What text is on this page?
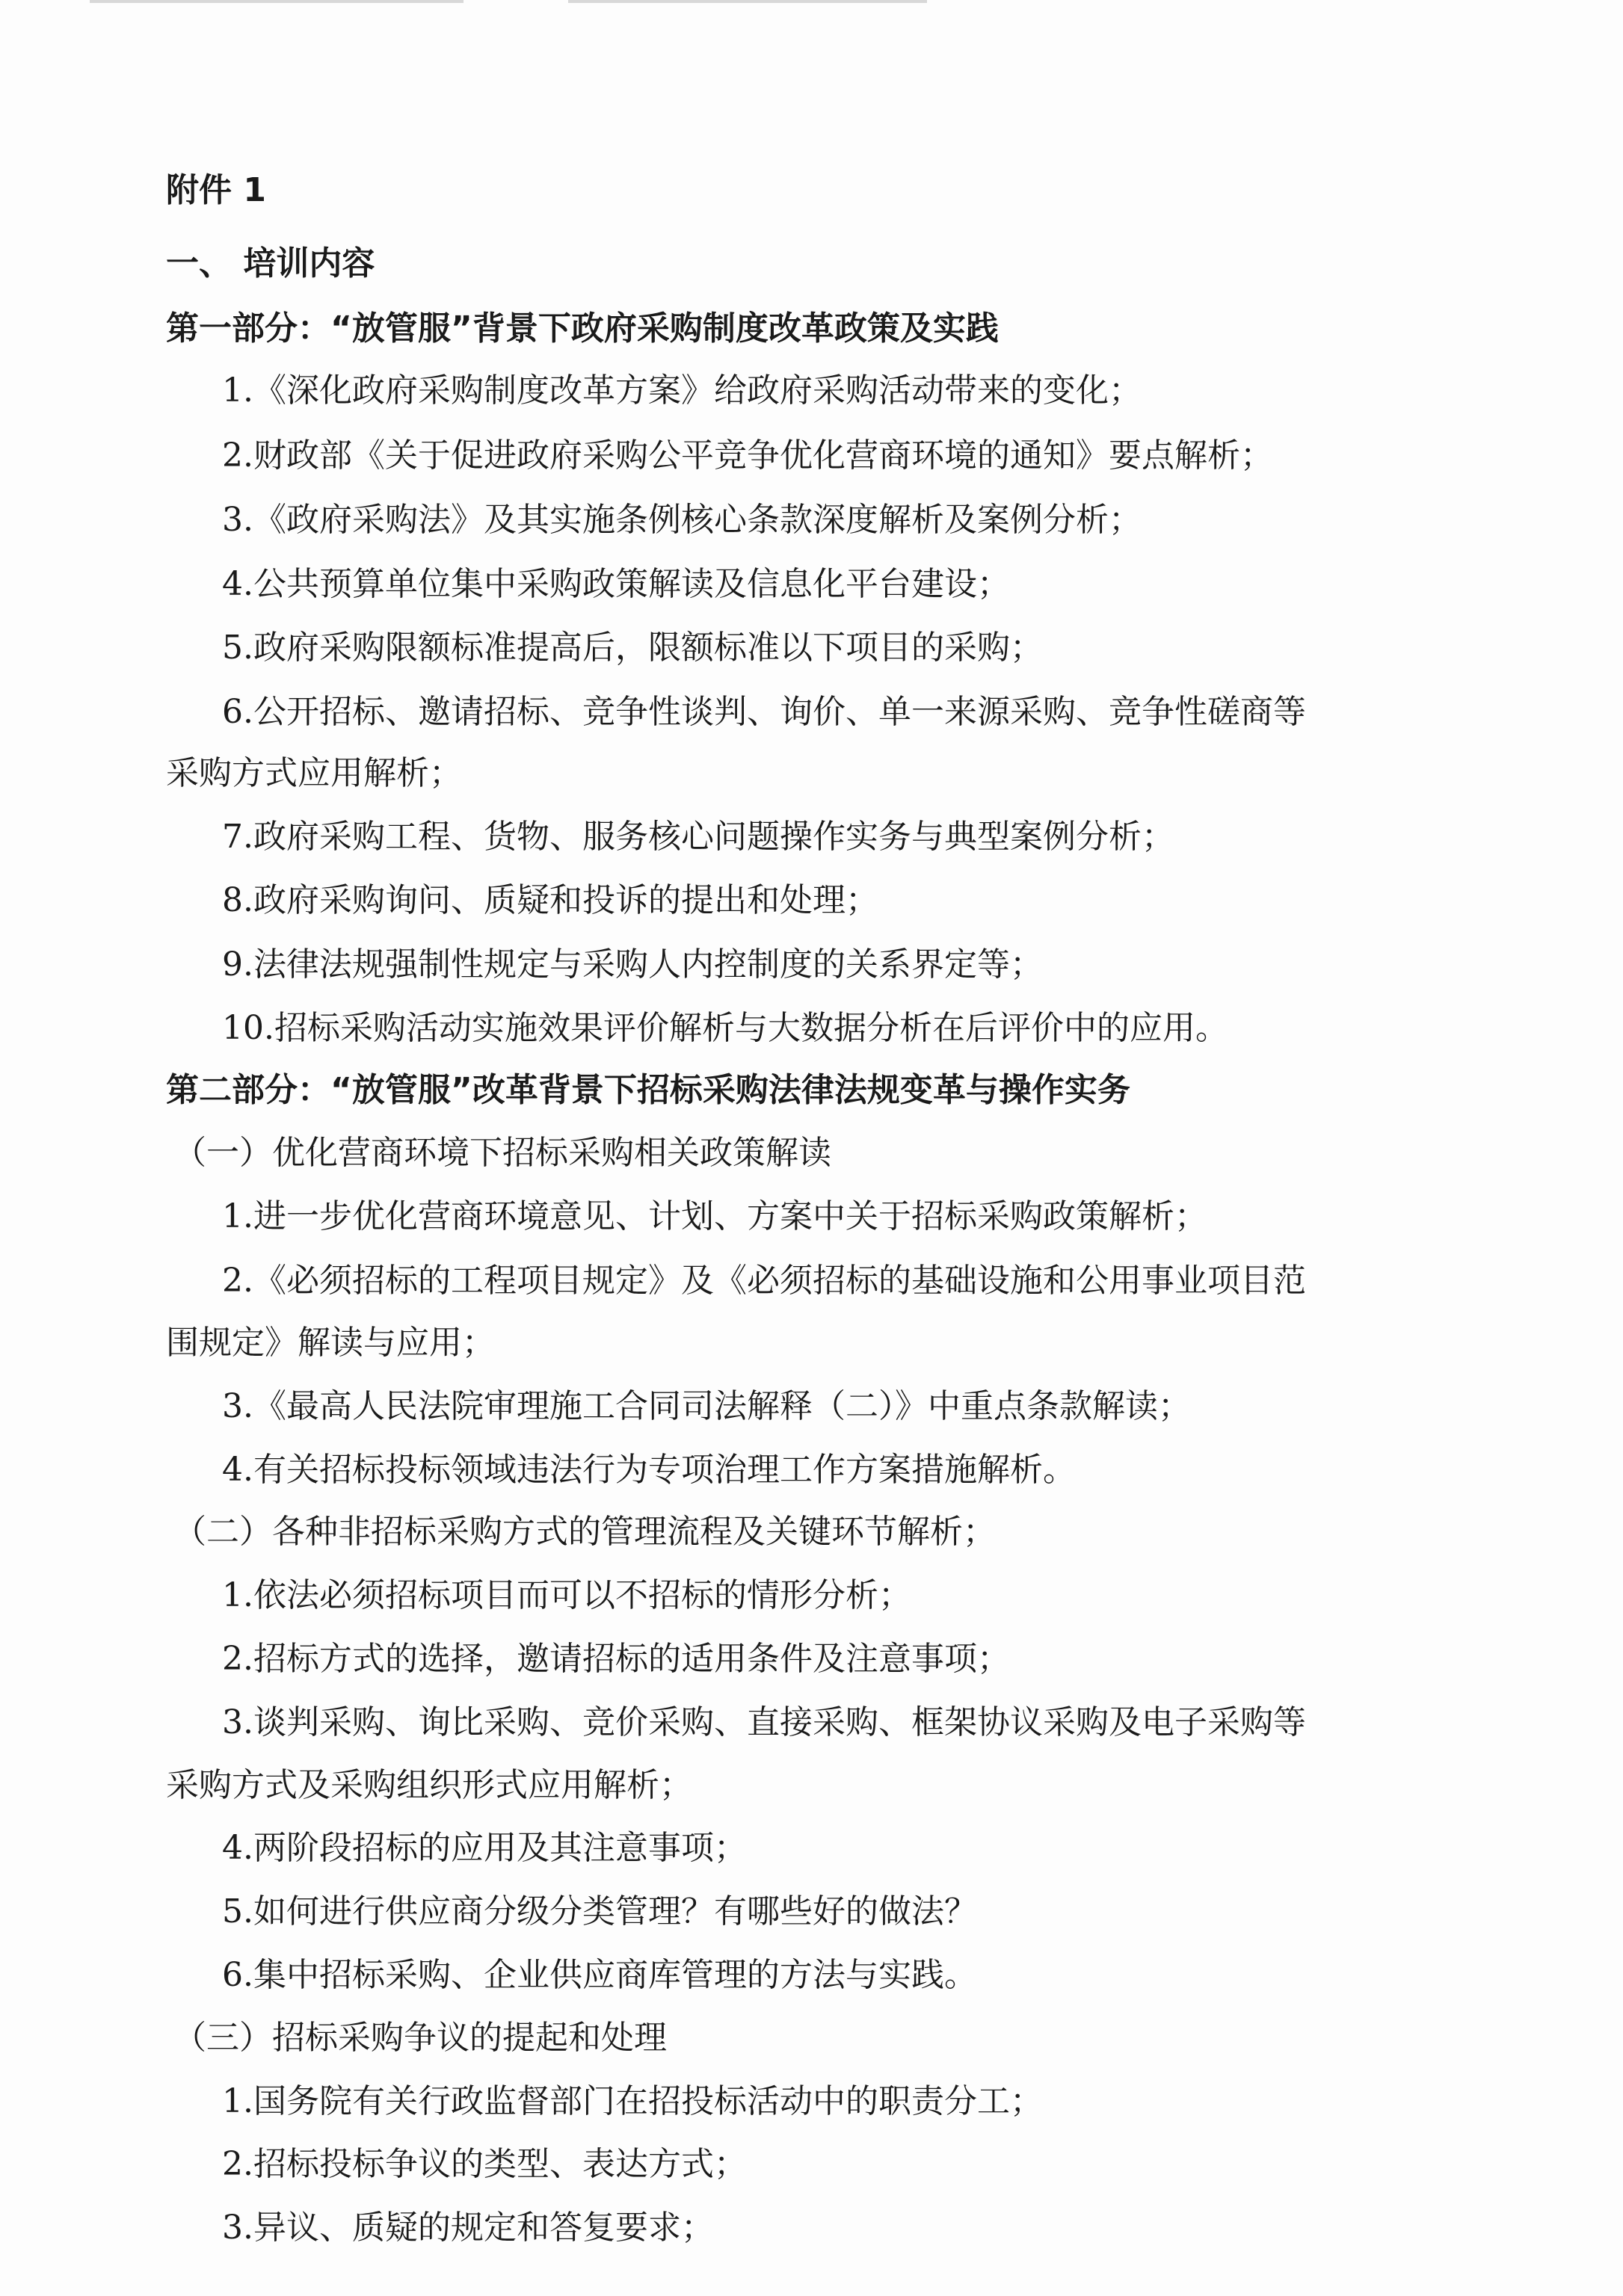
附件 1
一、 培训内容
第一部分：“放管服”背景下政府采购制度改革政策及实践
1.《深化政府采购制度改革方案》给政府采购活动带来的变化；
2.财政部《关于促进政府采购公平竞争优化营商环境的通知》要点解析；
3.《政府采购法》及其实施条例核心条款深度解析及案例分析；
4.公共预算单位集中采购政策解读及信息化平台建设；
5.政府采购限额标准提高后，限额标准以下项目的采购；
6.公开招标、邀请招标、竞争性谈判、询价、单一来源采购、竞争性磋商等
采购方式应用解析；
7.政府采购工程、货物、服务核心问题操作实务与典型案例分析；
8.政府采购询问、质疑和投诉的提出和处理；
9.法律法规强制性规定与采购人内控制度的关系界定等；
10.招标采购活动实施效果评价解析与大数据分析在后评价中的应用。
第二部分：“放管服”改革背景下招标采购法律法规变革与操作实务
（一）优化营商环境下招标采购相关政策解读
1.进一步优化营商环境意见、计划、方案中关于招标采购政策解析；
2.《必须招标的工程项目规定》及《必须招标的基础设施和公用事业项目范
围规定》解读与应用；
3.《最高人民法院审理施工合同司法解释（二）》中重点条款解读；
4.有关招标投标领域违法行为专项治理工作方案措施解析。
（二）各种非招标采购方式的管理流程及关键环节解析；
1.依法必须招标项目而可以不招标的情形分析；
2.招标方式的选择，邀请招标的适用条件及注意事项；
3.谈判采购、询比采购、竞价采购、直接采购、框架协议采购及电子采购等
采购方式及采购组织形式应用解析；
4.两阶段招标的应用及其注意事项；
5.如何进行供应商分级分类管理？有哪些好的做法？
6.集中招标采购、企业供应商库管理的方法与实践。
（三）招标采购争议的提起和处理
1.国务院有关行政监督部门在招投标活动中的职责分工；
2.招标投标争议的类型、表达方式；
3.异议、质疑的规定和答复要求；
